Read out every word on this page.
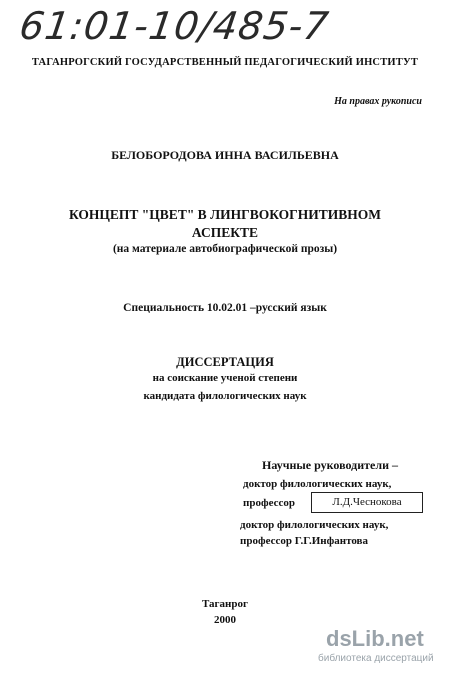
61:01-10/485-7
ТАГАНРОГСКИЙ ГОСУДАРСТВЕННЫЙ ПЕДАГОГИЧЕСКИЙ ИНСТИТУТ
На правах рукописи
БЕЛОБОРОДОВА ИННА ВАСИЛЬЕВНА
КОНЦЕПТ "ЦВЕТ" В ЛИНГВОКОГНИТИВНОМ
АСПЕКТЕ
(на материале автобиографической прозы)
Специальность 10.02.01 –русский язык
ДИССЕРТАЦИЯ
на соискание ученой степени
кандидата филологических наук
Научные руководители –
доктор филологических наук,
профессор	Л.Д.Чеснокова
доктор филологических наук,
профессор Г.Г.Инфантова
Таганрог
2000
dsLib.net
библиотека диссертаций
